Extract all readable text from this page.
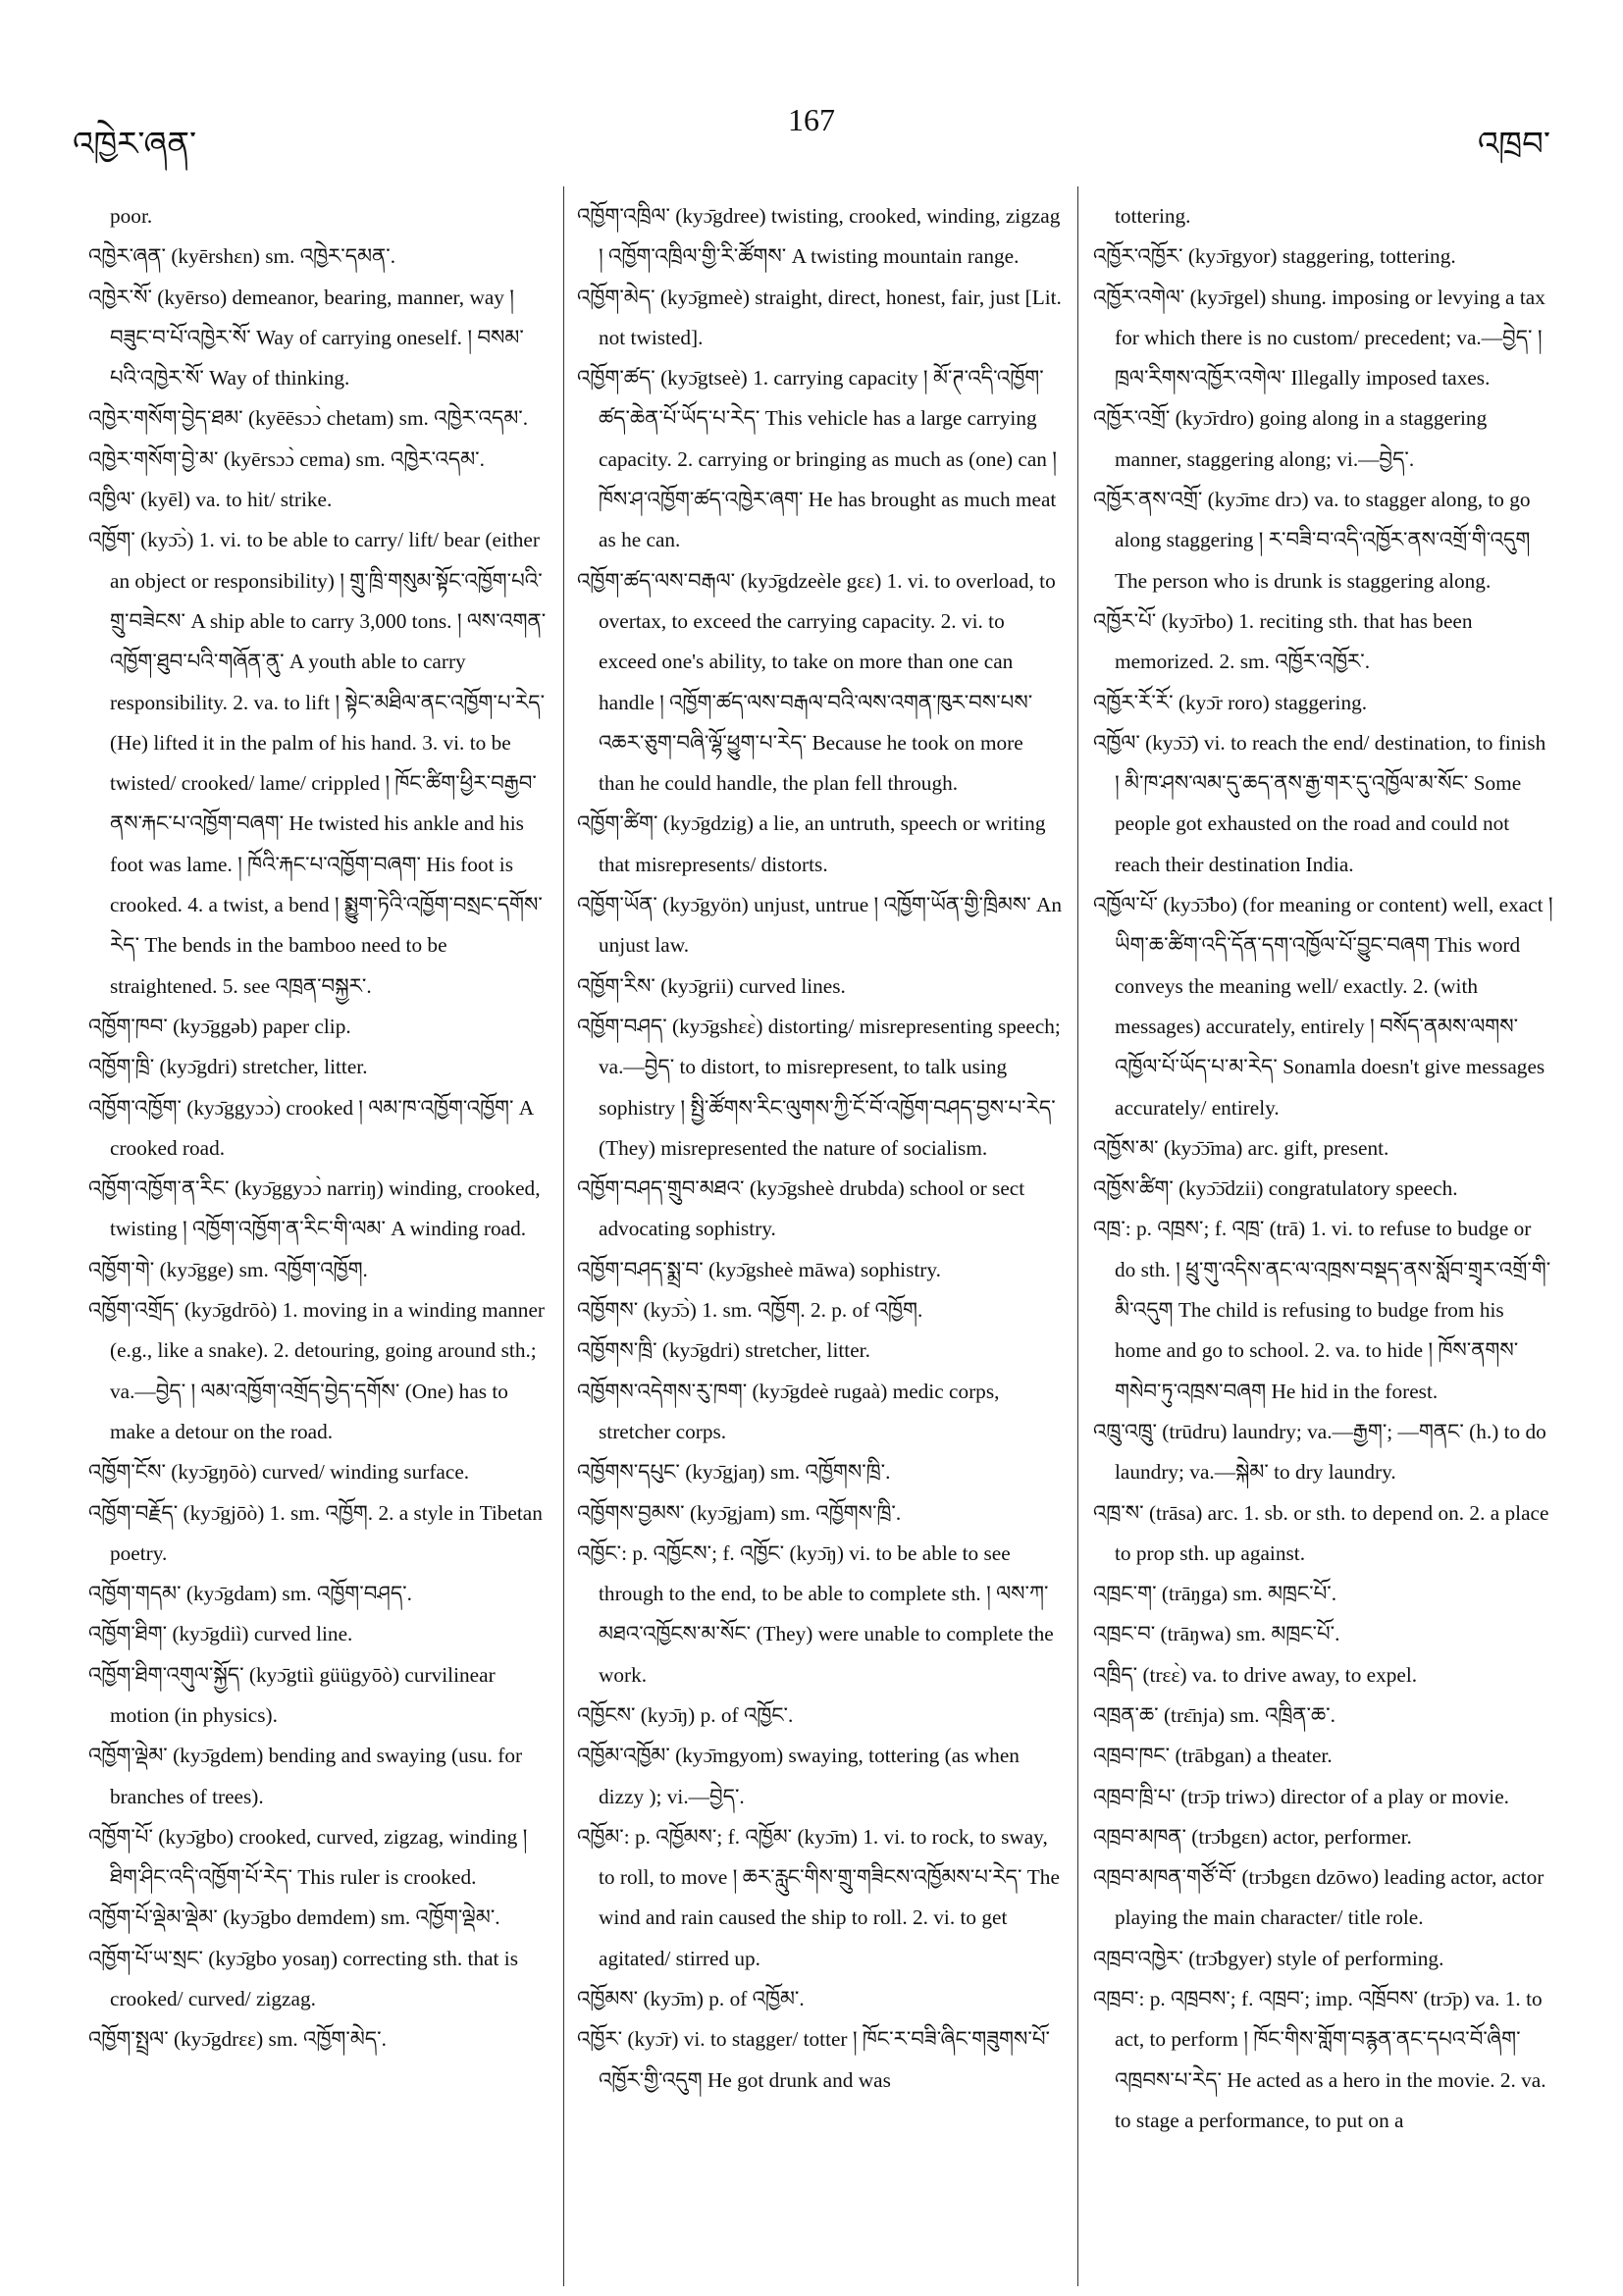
འཁྱེར་ཞན་
167
འཁྲབ་

poor.

འཁྱེར་ཞན་ (kyērshɛn) sm. འཁྱེར་དམན་.

འཁྱེར་སོ་ (kyērso) demeanor, bearing, manner, way ། བཟུང་བ་པོ་འཁྱེར་སོ་ Way of carrying oneself. ། བསམ་པའི་འཁྱེར་སོ་ Way of thinking.

འཁྱེར་གསོག་བྱེད་ཐམ་ (kyēēsɔɔ̀ chetam) sm. འཁྱེར་འདམ་.

འཁྱེར་གསོག་བྱེ་མ་ (kyērsɔɔ̀ cɐma) sm. འཁྱེར་འདམ་.

འཁྱིལ་ (kyēl) va. to hit/ strike.

འཁྱོག་ (kyɔ̄ɔ̀) 1. vi. to be able to carry/ lift/ bear (either an object or responsibility) ། གྲུ་ཁྲི་གསུམ་སྟོང་འཁྱོག་པའི་གྲུ་བཟེངས་ A ship able to carry 3,000 tons. ། ལས་འགན་འཁྱོག་ཐུབ་པའི་གཞོན་ནུ་ A youth able to carry responsibility. 2. va. to lift ། སྟེང་མཐིལ་ནང་འཁྱོག་པ་རེད་ (He) lifted it in the palm of his hand. 3. vi. to be twisted/ crooked/ lame/ crippled ། ཁོང་ཚིག་ཕྱིར་བརྒྱབ་ནས་རྐང་པ་འཁྱོག་བཞག་ He twisted his ankle and his foot was lame. ། ཁོའི་རྐང་པ་འཁྱོག་བཞག་ His foot is crooked. 4. a twist, a bend ། སྨྱུག་ཏེའི་འཁྱོག་བསྲང་དགོས་རེད་ The bends in the bamboo need to be straightened. 5. see འཁྲན་བསྐྱར་.

འཁྱོག་ཁབ་ (kyɔ̄ggəb) paper clip.

འཁྱོག་ཁྲི་ (kyɔ̄gdri) stretcher, litter.

འཁྱོག་འཁྱོག་ (kyɔ̄ggyɔɔ̀) crooked ། ལམ་ཁ་འཁྱོག་འཁྱོག་ A crooked road.

འཁྱོག་འཁྱོག་ན་རིང་ (kyɔ̄ggyɔɔ̀ narriŋ) winding, crooked, twisting ། འཁྱོག་འཁྱོག་ན་རིང་གི་ལམ་ A winding road.

འཁྱོག་གེ་ (kyɔ̄gge) sm. འཁྱོག་འཁྱོག.

འཁྱོག་འགྲོད་ (kyɔ̄gdrōò) 1. moving in a winding manner (e.g., like a snake). 2. detouring, going around sth.; va.—བྱེད་ ། ལམ་འཁྱོག་འགྲོད་བྱེད་དགོས་ (One) has to make a detour on the road.

འཁྱོག་ངོས་ (kyɔ̄gŋōò) curved/ winding surface.

འཁྱོག་བརྗོད་ (kyɔ̄gjōò) 1. sm. འཁྱོག. 2. a style in Tibetan poetry.

འཁྱོག་གདམ་ (kyɔ̄gdam) sm. འཁྱོག་བཤད་.

འཁྱོག་ཐིག་ (kyɔ̄gdiì) curved line.

འཁྱོག་ཐིག་འགུལ་སྐྱོད་ (kyɔ̄gtiì güügyōò) curvilinear motion (in physics).

འཁྱོག་ལྡེམ་ (kyɔ̄gdem) bending and swaying (usu. for branches of trees).

འཁྱོག་པོ་ (kyɔ̄gbo) crooked, curved, zigzag, winding ། ཐིག་ཤིང་འདི་འཁྱོག་པོ་རེད་ This ruler is crooked.

འཁྱོག་པོ་ལྡེམ་ལྡེམ་ (kyɔ̄gbo dɐmdem) sm. འཁྱོག་ལྡེམ་.

འཁྱོག་པོ་ཡ་སྲང་ (kyɔ̄gbo yosaŋ) correcting sth. that is crooked/ curved/ zigzag.

འཁྱོག་སྤྲལ་ (kyɔ̄gdrɛɛ) sm. འཁྱོག་མེད་.

འཁྱོག་འཁྲིལ་ (kyɔ̄gdree) twisting, crooked, winding, zigzag ། འཁྱོག་འཁྲིལ་གྱི་རི་ཚོགས་ A twisting mountain range.

འཁྱོག་མེད་ (kyɔ̄gmeè) straight, direct, honest, fair, just [Lit. not twisted].

འཁྱོག་ཚད་ (kyɔ̄gtseè) 1. carrying capacity ། མོ་ཊ་འདི་འཁྱོག་ཚད་ཆེན་པོ་ཡོད་པ་རེད་ This vehicle has a large carrying capacity. 2. carrying or bringing as much as (one) can ། ཁོས་ཤ་འཁྱོག་ཚད་འཁྱེར་ཞག་ He has brought as much meat as he can.

འཁྱོག་ཚད་ལས་བརྒལ་ (kyɔ̄gdzeèle gɛɛ) 1. vi. to overload, to overtax, to exceed the carrying capacity. 2. vi. to exceed one's ability, to take on more than one can handle ། འཁྱོག་ཚད་ལས་བརྒལ་བའི་ལས་འགན་ཁུར་བས་པས་འཆར་ཅུག་བཞི་ལྷོ་ཕྱུག་པ་རེད་ Because he took on more than he could handle, the plan fell through.

འཁྱོག་ཚིག་ (kyɔ̄gdzig) a lie, an untruth, speech or writing that misrepresents/ distorts.

འཁྱོག་ཡོན་ (kyɔ̄gyön) unjust, untrue ། འཁྱོག་ཡོན་གྱི་ཁྲིམས་ An unjust law.

འཁྱོག་རིས་ (kyɔ̄grii) curved lines.

འཁྱོག་བཤད་ (kyɔ̄gshɛɛ̀) distorting/ misrepresenting speech; va.—བྱེད་ to distort, to misrepresent, to talk using sophistry ། སྤྱི་ཚོགས་རིང་ལུགས་ཀྱི་ངོ་བོ་འཁྱོག་བཤད་བྱས་པ་རེད་ (They) misrepresented the nature of socialism.

འཁྱོག་བཤད་གྲུབ་མཐའ་ (kyɔ̄gsheè drubda) school or sect advocating sophistry.

འཁྱོག་བཤད་སྨྲ་བ་ (kyɔ̄gsheè māwa) sophistry.

འཁྱོགས་ (kyɔ̄ɔ̀) 1. sm. འཁྱོག. 2. p. of འཁྱོག.

འཁྱོགས་ཁྲི་ (kyɔ̄gdri) stretcher, litter.

འཁྱོགས་འདེགས་རུ་ཁག་ (kyɔ̄gdeè rugaà) medic corps, stretcher corps.

འཁྱོགས་དཔུང་ (kyɔ̄gjaŋ) sm. འཁྱོགས་ཁྲི་.

འཁྱོགས་བྱམས་ (kyɔ̄gjam) sm. འཁྱོགས་ཁྲི་.

འཁྱོང་: p. འཁྱོངས་; f. འཁྱོང་ (kyɔ̄ŋ) vi. to be able to see through to the end, to be able to complete sth. ། ལས་ཀ་མཐའ་འཁྱོངས་མ་སོང་ (They) were unable to complete the work.

འཁྱོངས་ (kyɔ̄ŋ) p. of འཁྱོང་.

འཁྱོམ་འཁྱོམ་ (kyɔ̄mgyom) swaying, tottering (as when dizzy ); vi.—བྱེད་.

འཁྱོམ་: p. འཁྱོམས་; f. འཁྱོམ་ (kyɔ̄m) 1. vi. to rock, to sway, to roll, to move ། ཆར་རླུང་གིས་གྲུ་གཟིངས་འཁྱོམས་པ་རེད་ The wind and rain caused the ship to roll. 2. vi. to get agitated/ stirred up.

འཁྱོམས་ (kyɔ̄m) p. of འཁྱོམ་.

འཁྱོར་ (kyɔ̄r) vi. to stagger/ totter ། ཁོང་ར་བཟི་ཞིང་གཟུགས་པོ་འཁྱོར་གྱི་འདུག He got drunk and was

tottering.

འཁྱོར་འཁྱོར་ (kyɔ̄rgyor) staggering, tottering.

འཁྱོར་འགེལ་ (kyɔ̄rgel) shung. imposing or levying a tax for which there is no custom/ precedent; va.—བྱེད་ ། ཁྲལ་རིགས་འཁྱོར་འགེལ་ Illegally imposed taxes.

འཁྱོར་འགྲོ་ (kyɔ̄rdro) going along in a staggering manner, staggering along; vi.—བྱེད་.

འཁྱོར་ནས་འགྲོ་ (kyɔ̄mɛ drɔ) va. to stagger along, to go along staggering ། ར་བཟི་བ་འདི་འཁྱོར་ནས་འགྲོ་གི་འདུག The person who is drunk is staggering along.

འཁྱོར་པོ་ (kyɔ̄rbo) 1. reciting sth. that has been memorized. 2. sm. འཁྱོར་འཁྱོར་.

འཁྱོར་རོ་རོ་ (kyɔ̄r roro) staggering.

འཁྱོལ་ (kyɔ̄ɔ̄) vi. to reach the end/ destination, to finish ། མི་ཁ་ཤས་ལམ་དུ་ཆད་ནས་རྒྱ་གར་དུ་འཁྱོལ་མ་སོང་ Some people got exhausted on the road and could not reach their destination India.

འཁྱོལ་པོ་ (kyɔ̄ɔ̄bo) (for meaning or content) well, exact ། ཡིག་ཆ་ཚིག་འདི་དོན་དག་འཁྱོལ་པོ་བྱུང་བཞག This word conveys the meaning well/ exactly. 2. (with messages) accurately, entirely ། བསོད་ནམས་ལགས་འཁྱོལ་པོ་ཡོད་པ་མ་རེད་ Sonamla doesn't give messages accurately/ entirely.

འཁྱོས་མ་ (kyɔ̄ɔ̄ma) arc. gift, present.

འཁྱོས་ཚིག་ (kyɔ̄ɔ̄dzii) congratulatory speech.

འཁྲ་: p. འཁྲས་; f. འཁྲ་ (trā) 1. vi. to refuse to budge or do sth. ། ཕྲུ་གུ་འདིས་ནང་ལ་འཁྲས་བསྡད་ནས་སློབ་གྲྭར་འགྲོ་གི་མི་འདུག The child is refusing to budge from his home and go to school. 2. va. to hide ། ཁོས་ནགས་གསེབ་ཏུ་འཁྲས་བཞག He hid in the forest.

འཁྲུ་འཁྲུ་ (trūdru) laundry; va.—རྒྱག་; —གནང་ (h.) to do laundry; va.—སྐེམ་ to dry laundry.

འཁྲ་ས་ (trāsa) arc. 1. sb. or sth. to depend on. 2. a place to prop sth. up against.

འཁྲང་ག་ (trāŋga) sm. མཁྲང་པོ་.

འཁྲང་བ་ (trāŋwa) sm. མཁྲང་པོ་.

འཁྲིད་ (trɛɛ̀) va. to drive away, to expel.

འཁྲན་ཆ་ (trɛ̄nja) sm. འཁྲིན་ཆ་.

འཁྲབ་ཁང་ (trābgan) a theater.

འཁྲབ་ཁྲི་པ་ (trɔ̄p triwɔ) director of a play or movie.

འཁྲབ་མཁན་ (trɔ̄bgɛn) actor, performer.

འཁྲབ་མཁན་གཙོ་བོ་ (trɔ̄bgɛn dzōwo) leading actor, actor playing the main character/ title role.

འཁྲབ་འཁྱེར་ (trɔ̄bgyer) style of performing.

འཁྲབ་: p. འཁྲབས་; f. འཁྲབ་; imp. འཁྲོབས་ (trɔ̄p) va. 1. to act, to perform ། ཁོང་གིས་གློག་བརྙན་ནང་དཔའ་བོ་ཞིག་འཁྲབས་པ་རེད་ He acted as a hero in the movie. 2. va. to stage a performance, to put on a
